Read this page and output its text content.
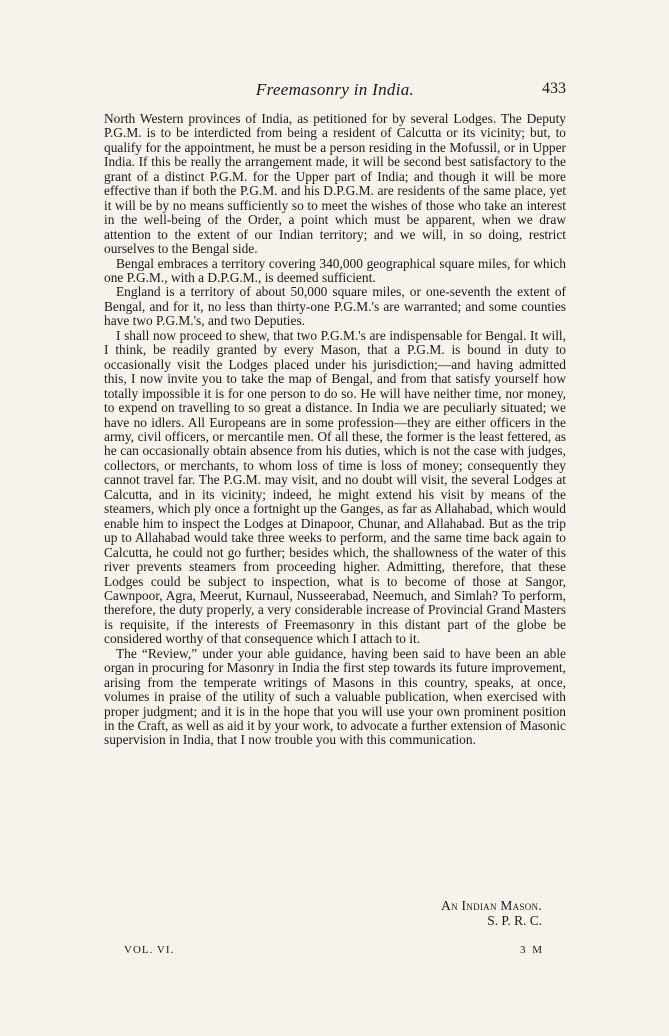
Freemasonry in India.	433

North Western provinces of India, as petitioned for by several Lodges. The Deputy P.G.M. is to be interdicted from being a resident of Calcutta or its vicinity; but, to qualify for the appointment, he must be a person residing in the Mofussil, or in Upper India. If this be really the arrangement made, it will be second best satisfactory to the grant of a distinct P.G.M. for the Upper part of India; and though it will be more effective than if both the P.G.M. and his D.P.G.M. are residents of the same place, yet it will be by no means sufficiently so to meet the wishes of those who take an interest in the well-being of the Order, a point which must be apparent, when we draw attention to the extent of our Indian territory; and we will, in so doing, restrict ourselves to the Bengal side.

Bengal embraces a territory covering 340,000 geographical square miles, for which one P.G.M., with a D.P.G.M., is deemed sufficient.

England is a territory of about 50,000 square miles, or one-seventh the extent of Bengal, and for it, no less than thirty-one P.G.M.'s are warranted; and some counties have two P.G.M.'s, and two Deputies.

I shall now proceed to shew, that two P.G.M.'s are indispensable for Bengal. It will, I think, be readily granted by every Mason, that a P.G.M. is bound in duty to occasionally visit the Lodges placed under his jurisdiction;—and having admitted this, I now invite you to take the map of Bengal, and from that satisfy yourself how totally impossible it is for one person to do so. He will have neither time, nor money, to expend on travelling to so great a distance. In India we are peculiarly situated; we have no idlers. All Europeans are in some profession—they are either officers in the army, civil officers, or mercantile men. Of all these, the former is the least fettered, as he can occasionally obtain absence from his duties, which is not the case with judges, collectors, or merchants, to whom loss of time is loss of money; consequently they cannot travel far. The P.G.M. may visit, and no doubt will visit, the several Lodges at Calcutta, and in its vicinity; indeed, he might extend his visit by means of the steamers, which ply once a fortnight up the Ganges, as far as Allahabad, which would enable him to inspect the Lodges at Dinapoor, Chunar, and Allahabad. But as the trip up to Allahabad would take three weeks to perform, and the same time back again to Calcutta, he could not go further; besides which, the shallowness of the water of this river prevents steamers from proceeding higher. Admitting, therefore, that these Lodges could be subject to inspection, what is to become of those at Sangor, Cawnpoor, Agra, Meerut, Kurnaul, Nusseerabad, Neemuch, and Simlah? To perform, therefore, the duty properly, a very considerable increase of Provincial Grand Masters is requisite, if the interests of Freemasonry in this distant part of the globe be considered worthy of that consequence which I attach to it.

The “Review,” under your able guidance, having been said to have been an able organ in procuring for Masonry in India the first step towards its future improvement, arising from the temperate writings of Masons in this country, speaks, at once, volumes in praise of the utility of such a valuable publication, when exercised with proper judgment; and it is in the hope that you will use your own prominent position in the Craft, as well as aid it by your work, to advocate a further extension of Masonic supervision in India, that I now trouble you with this communication.

An Indian Mason.
S. P. R. C.
VOL. VI.	3 M
